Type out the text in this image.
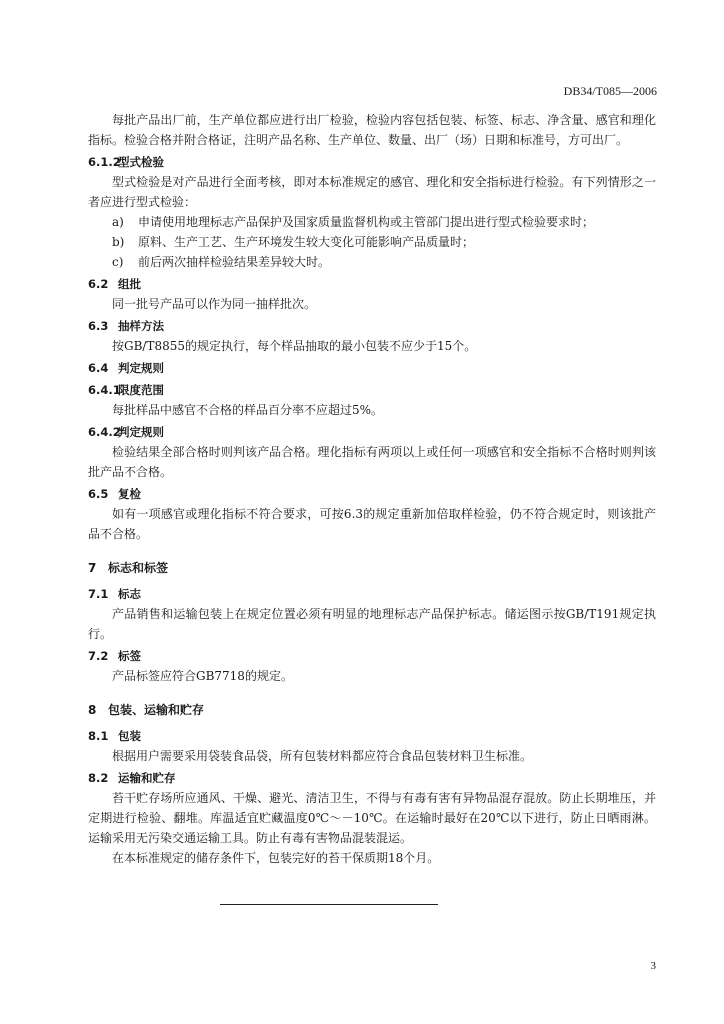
DB34/T085—2006

每批产品出厂前，生产单位都应进行出厂检验，检验内容包括包装、标签、标志、净含量、感官和理化指标。检验合格并附合格证，注明产品名称、生产单位、数量、出厂（场）日期和标准号，方可出厂。

6.1.2型式检验

型式检验是对产品进行全面考核，即对本标准规定的感官、理化和安全指标进行检验。有下列情形之一者应进行型式检验：

a) 申请使用地理标志产品保护及国家质量监督机构或主管部门提出进行型式检验要求时；

b) 原料、生产工艺、生产环境发生较大变化可能影响产品质量时；

c) 前后两次抽样检验结果差异较大时。

6.2 组批

同一批号产品可以作为同一抽样批次。

6.3 抽样方法

按GB/T8855的规定执行，每个样品抽取的最小包装不应少于15个。

6.4 判定规则

6.4.1限度范围

每批样品中感官不合格的样品百分率不应超过5%。

6.4.2判定规则

检验结果全部合格时则判该产品合格。理化指标有两项以上或任何一项感官和安全指标不合格时则判该批产品不合格。

6.5 复检

如有一项感官或理化指标不符合要求，可按6.3的规定重新加倍取样检验，仍不符合规定时，则该批产品不合格。

7 标志和标签

7.1 标志

产品销售和运输包装上在规定位置必须有明显的地理标志产品保护标志。储运图示按GB/T191规定执行。

7.2 标签

产品标签应符合GB7718的规定。

8 包装、运输和贮存

8.1 包装

根据用户需要采用袋装食品袋，所有包装材料都应符合食品包装材料卫生标准。

8.2 运输和贮存

苔干贮存场所应通风、干燥、避光、清洁卫生，不得与有毒有害有异物品混存混放。防止长期堆压，并定期进行检验、翻堆。库温适宜贮藏温度0℃～－10℃。在运输时最好在20℃以下进行，防止日晒雨淋。运输采用无污染交通运输工具。防止有毒有害物品混装混运。

在本标准规定的储存条件下，包装完好的苔干保质期18个月。

3
